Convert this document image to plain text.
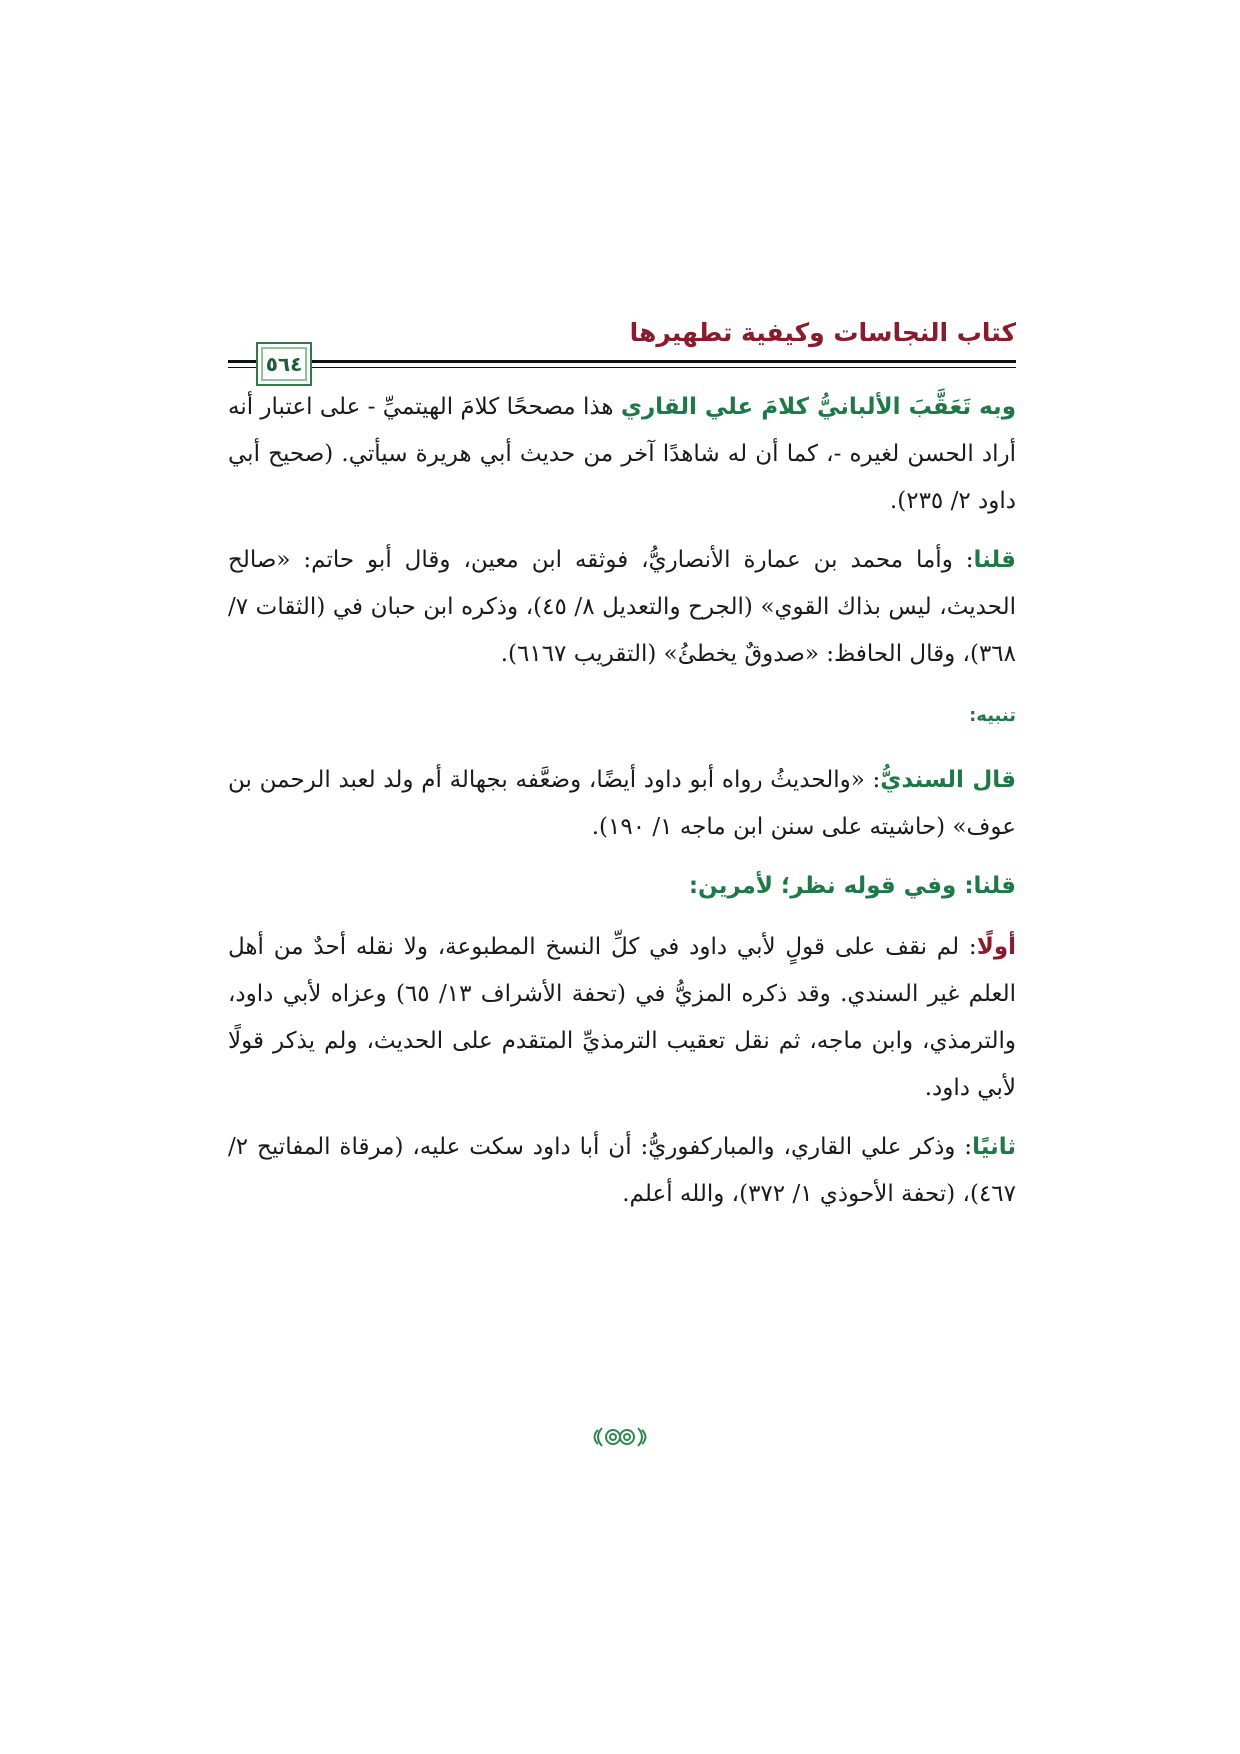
كتاب النجاسات وكيفية تطهيرها
٥٦٤

وبه تَعَقَّبَ الألبانيُّ كلامَ علي القاري هذا مصححًا كلامَ الهيتميِّ - على اعتبار أنه أراد الحسن لغيره -، كما أن له شاهدًا آخر من حديث أبي هريرة سيأتي. (صحيح أبي داود ٢/ ٢٣٥).

قلنا: وأما محمد بن عمارة الأنصاريُّ، فوثقه ابن معين، وقال أبو حاتم: «صالح الحديث، ليس بذاك القوي» (الجرح والتعديل ٨/ ٤٥)، وذكره ابن حبان في (الثقات ٧/ ٣٦٨)، وقال الحافظ: «صدوقٌ يخطئُ» (التقريب ٦١٦٧).

تنبيه:

قال السنديُّ: «والحديثُ رواه أبو داود أيضًا، وضعَّفه بجهالة أم ولد لعبد الرحمن بن عوف» (حاشيته على سنن ابن ماجه ١/ ١٩٠).

قلنا: وفي قوله نظر؛ لأمرين:

أولًا: لم نقف على قولٍ لأبي داود في كلِّ النسخ المطبوعة، ولا نقله أحدٌ من أهل العلم غير السندي. وقد ذكره المزيُّ في (تحفة الأشراف ١٣/ ٦٥) وعزاه لأبي داود، والترمذي، وابن ماجه، ثم نقل تعقيب الترمذيِّ المتقدم على الحديث، ولم يذكر قولًا لأبي داود.

ثانيًا: وذكر علي القاري، والمباركفوريُّ: أن أبا داود سكت عليه، (مرقاة المفاتيح ٢/ ٤٦٧)، (تحفة الأحوذي ١/ ٣٧٢)، والله أعلم.
